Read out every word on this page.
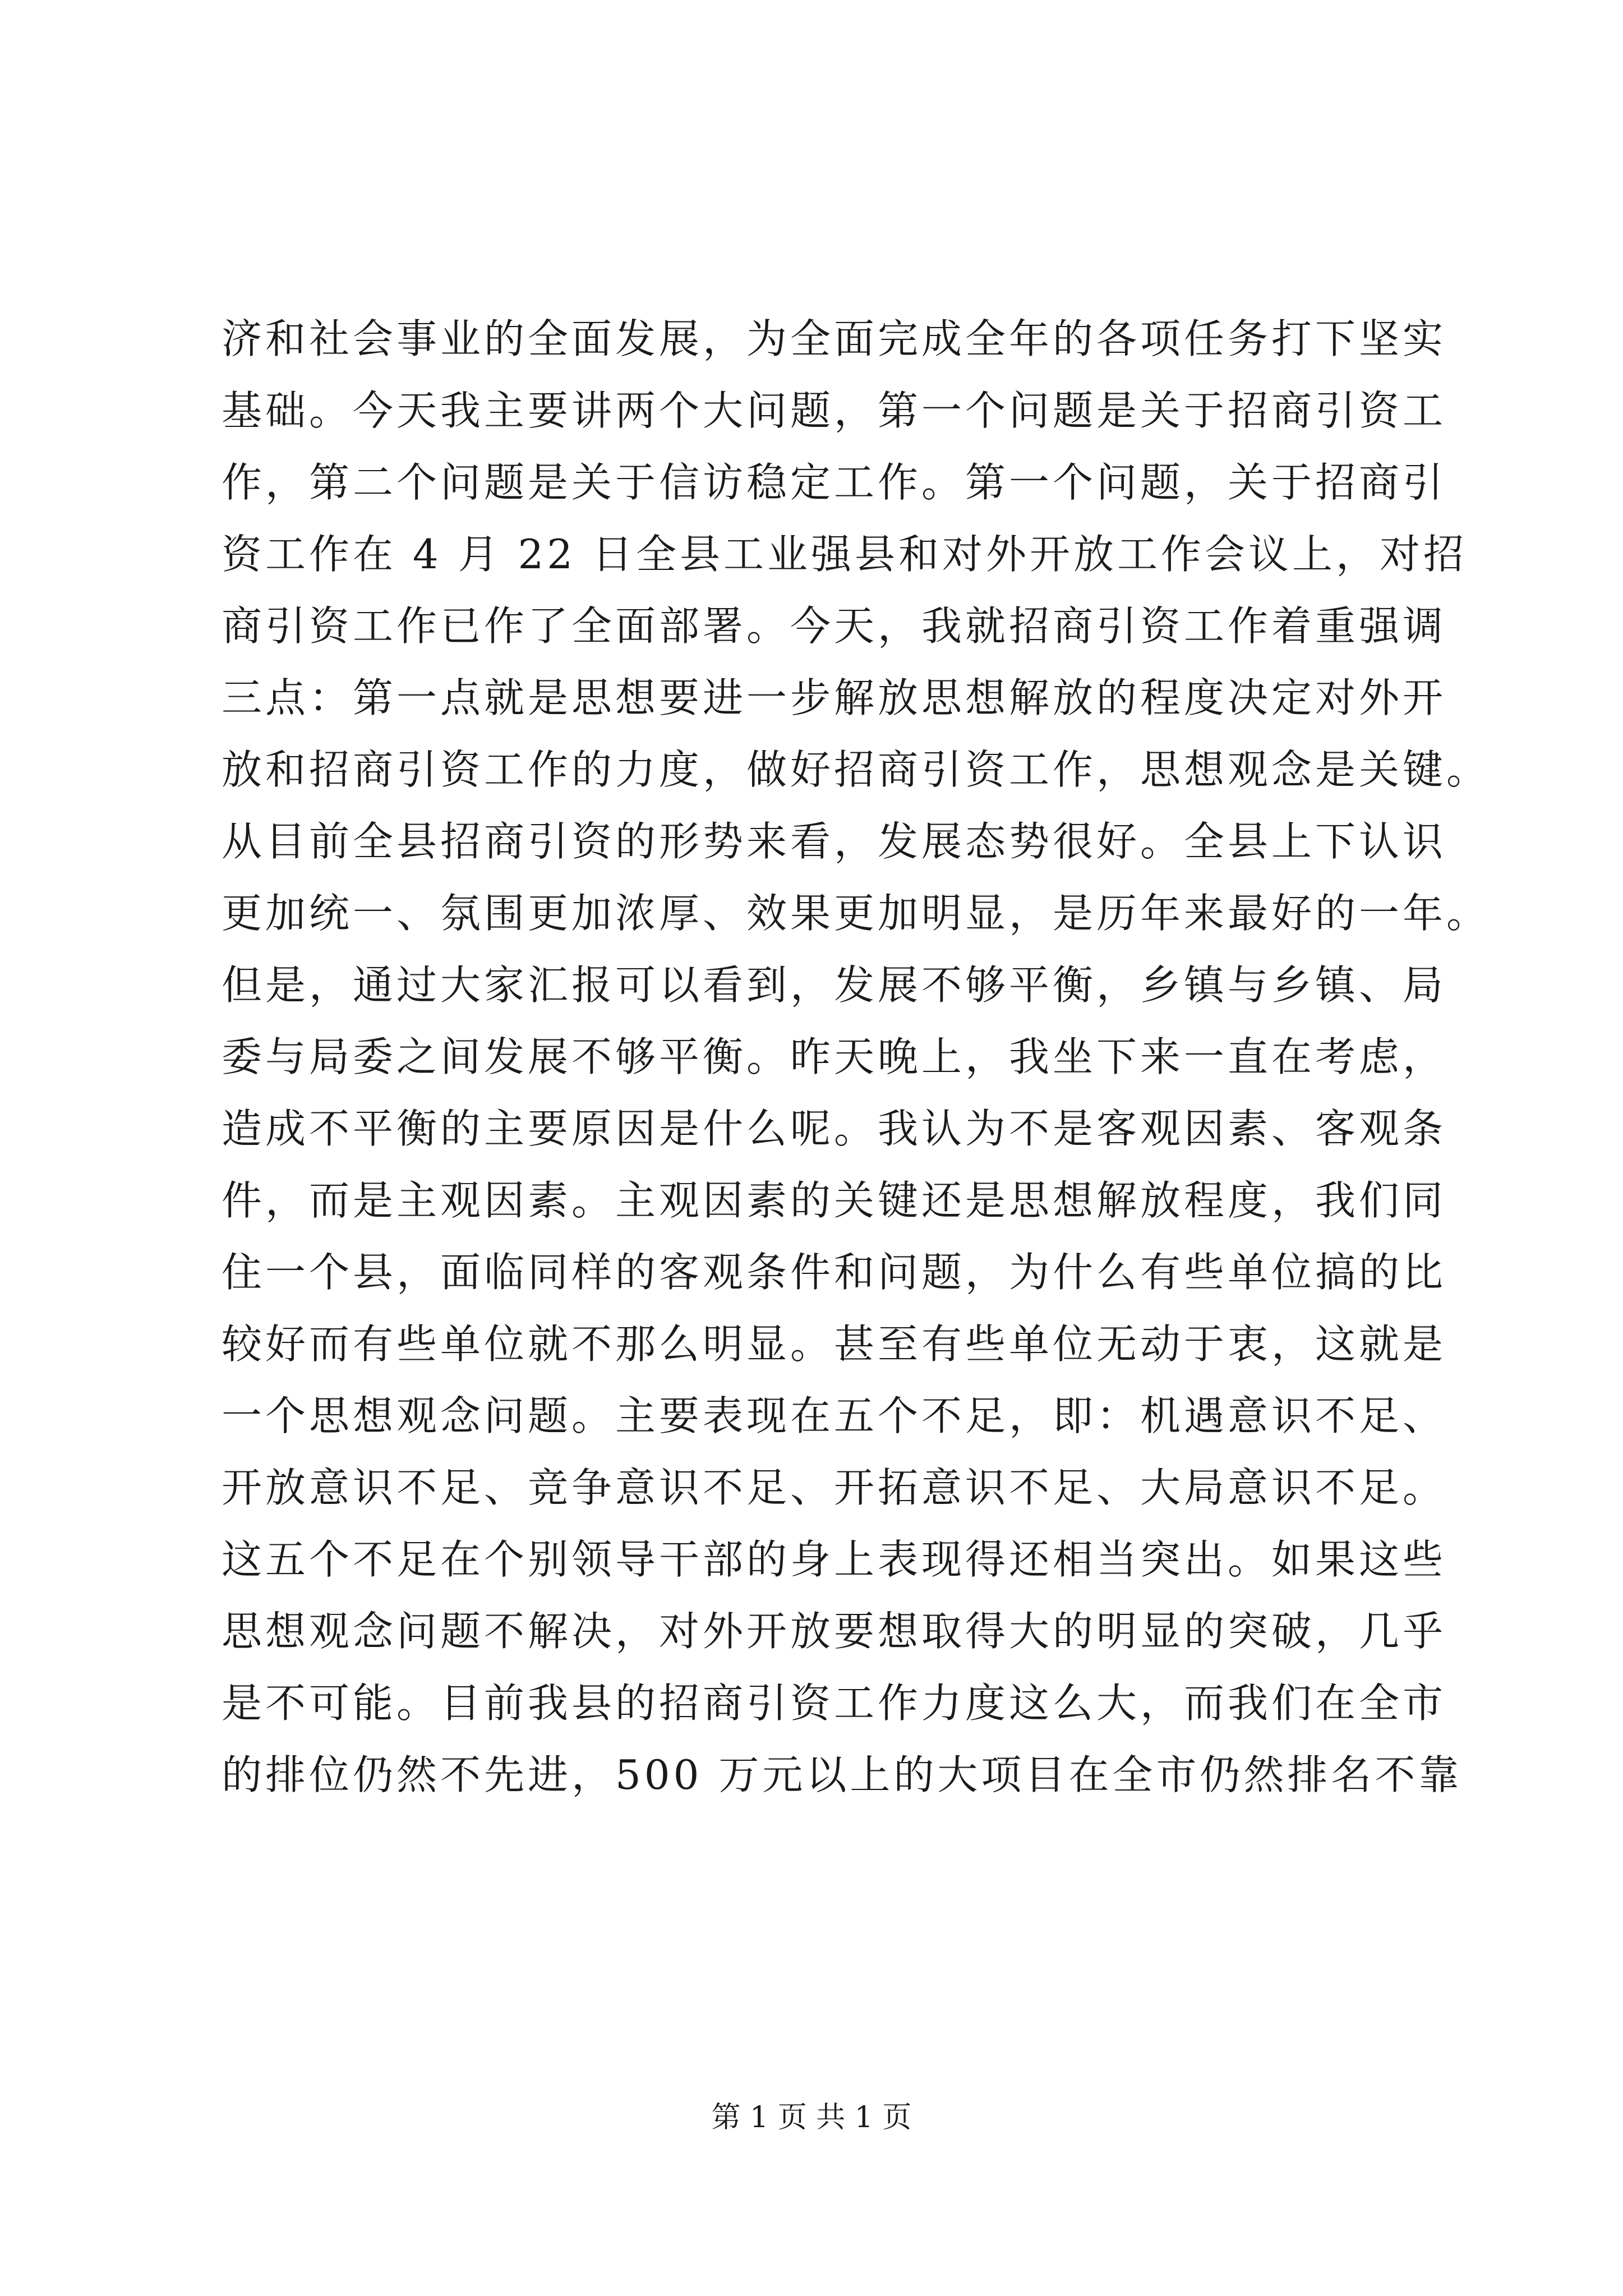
济和社会事业的全面发展，为全面完成全年的各项任务打下坚实
基础。今天我主要讲两个大问题，第一个问题是关于招商引资工
作，第二个问题是关于信访稳定工作。第一个问题，关于招商引
资工作在 4 月 22 日全县工业强县和对外开放工作会议上，对招
商引资工作已作了全面部署。今天，我就招商引资工作着重强调
三点：第一点就是思想要进一步解放思想解放的程度决定对外开
放和招商引资工作的力度，做好招商引资工作，思想观念是关键。
从目前全县招商引资的形势来看，发展态势很好。全县上下认识
更加统一、氛围更加浓厚、效果更加明显，是历年来最好的一年。
但是，通过大家汇报可以看到，发展不够平衡，乡镇与乡镇、局
委与局委之间发展不够平衡。昨天晚上，我坐下来一直在考虑，
造成不平衡的主要原因是什么呢。我认为不是客观因素、客观条
件，而是主观因素。主观因素的关键还是思想解放程度，我们同
住一个县，面临同样的客观条件和问题，为什么有些单位搞的比
较好而有些单位就不那么明显。甚至有些单位无动于衷，这就是
一个思想观念问题。主要表现在五个不足，即：机遇意识不足、
开放意识不足、竞争意识不足、开拓意识不足、大局意识不足。
这五个不足在个别领导干部的身上表现得还相当突出。如果这些
思想观念问题不解决，对外开放要想取得大的明显的突破，几乎
是不可能。目前我县的招商引资工作力度这么大，而我们在全市
的排位仍然不先进，500 万元以上的大项目在全市仍然排名不靠
第 1 页 共 1 页
